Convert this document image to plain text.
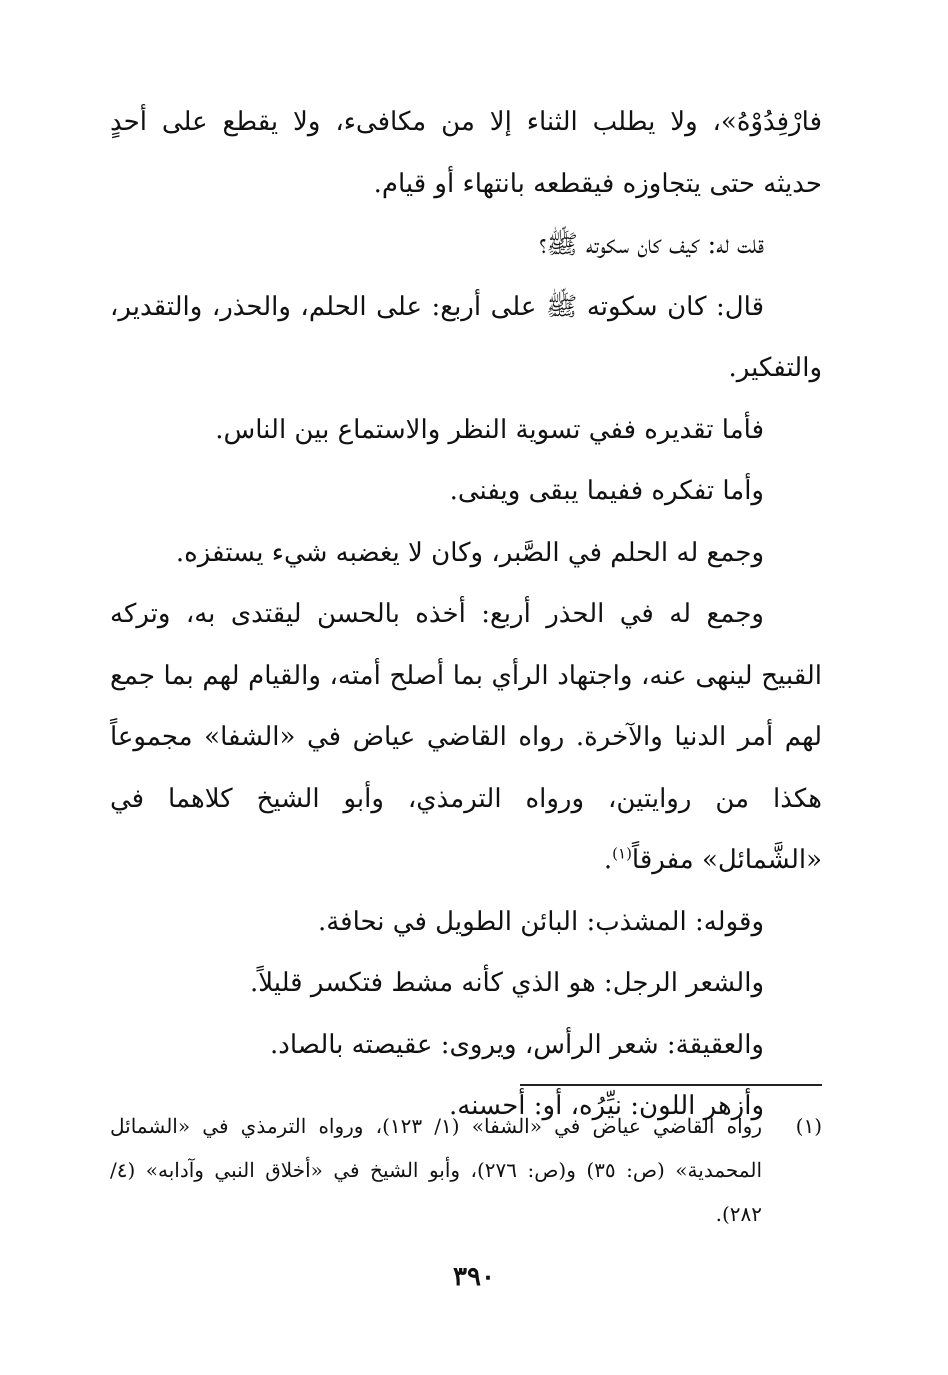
فارْفِدُوْهُ»، ولا يطلب الثناء إلا من مكافىء، ولا يقطع على أحدٍ حديثه حتى يتجاوزه فيقطعه بانتهاء أو قيام.

قلت له: كيف كان سكوته ﷺ؟

قال: كان سكوته ﷺ على أربع: على الحلم، والحذر، والتقدير، والتفكير.

فأما تقديره ففي تسوية النظر والاستماع بين الناس.

وأما تفكره ففيما يبقى ويفنى.

وجمع له الحلم في الصَّبر، وكان لا يغضبه شيء يستفزه.

وجمع له في الحذر أربع: أخذه بالحسن ليقتدى به، وتركه القبيح لينهى عنه، واجتهاد الرأي بما أصلح أمته، والقيام لهم بما جمع لهم أمر الدنيا والآخرة. رواه القاضي عياض في «الشفا» مجموعاً هكذا من روايتين، ورواه الترمذي، وأبو الشيخ كلاهما في «الشَّمائل» مفرقاً$^{(١)}$.

وقوله: المشذب: البائن الطويل في نحافة.

والشعر الرجل: هو الذي كأنه مشط فتكسر قليلاً.

والعقيقة: شعر الرأس، ويروى: عقيصته بالصاد.

وأزهر اللون: نيِّرُه، أو: أحسنه.

(١)
رواه القاضي عياض في «الشفا» (١/ ١٢٣)، ورواه الترمذي في «الشمائل المحمدية» (ص: ٣٥) و(ص: ٢٧٦)، وأبو الشيخ في «أخلاق النبي وآدابه» (٤/ ٢٨٢).
٣٩٠
